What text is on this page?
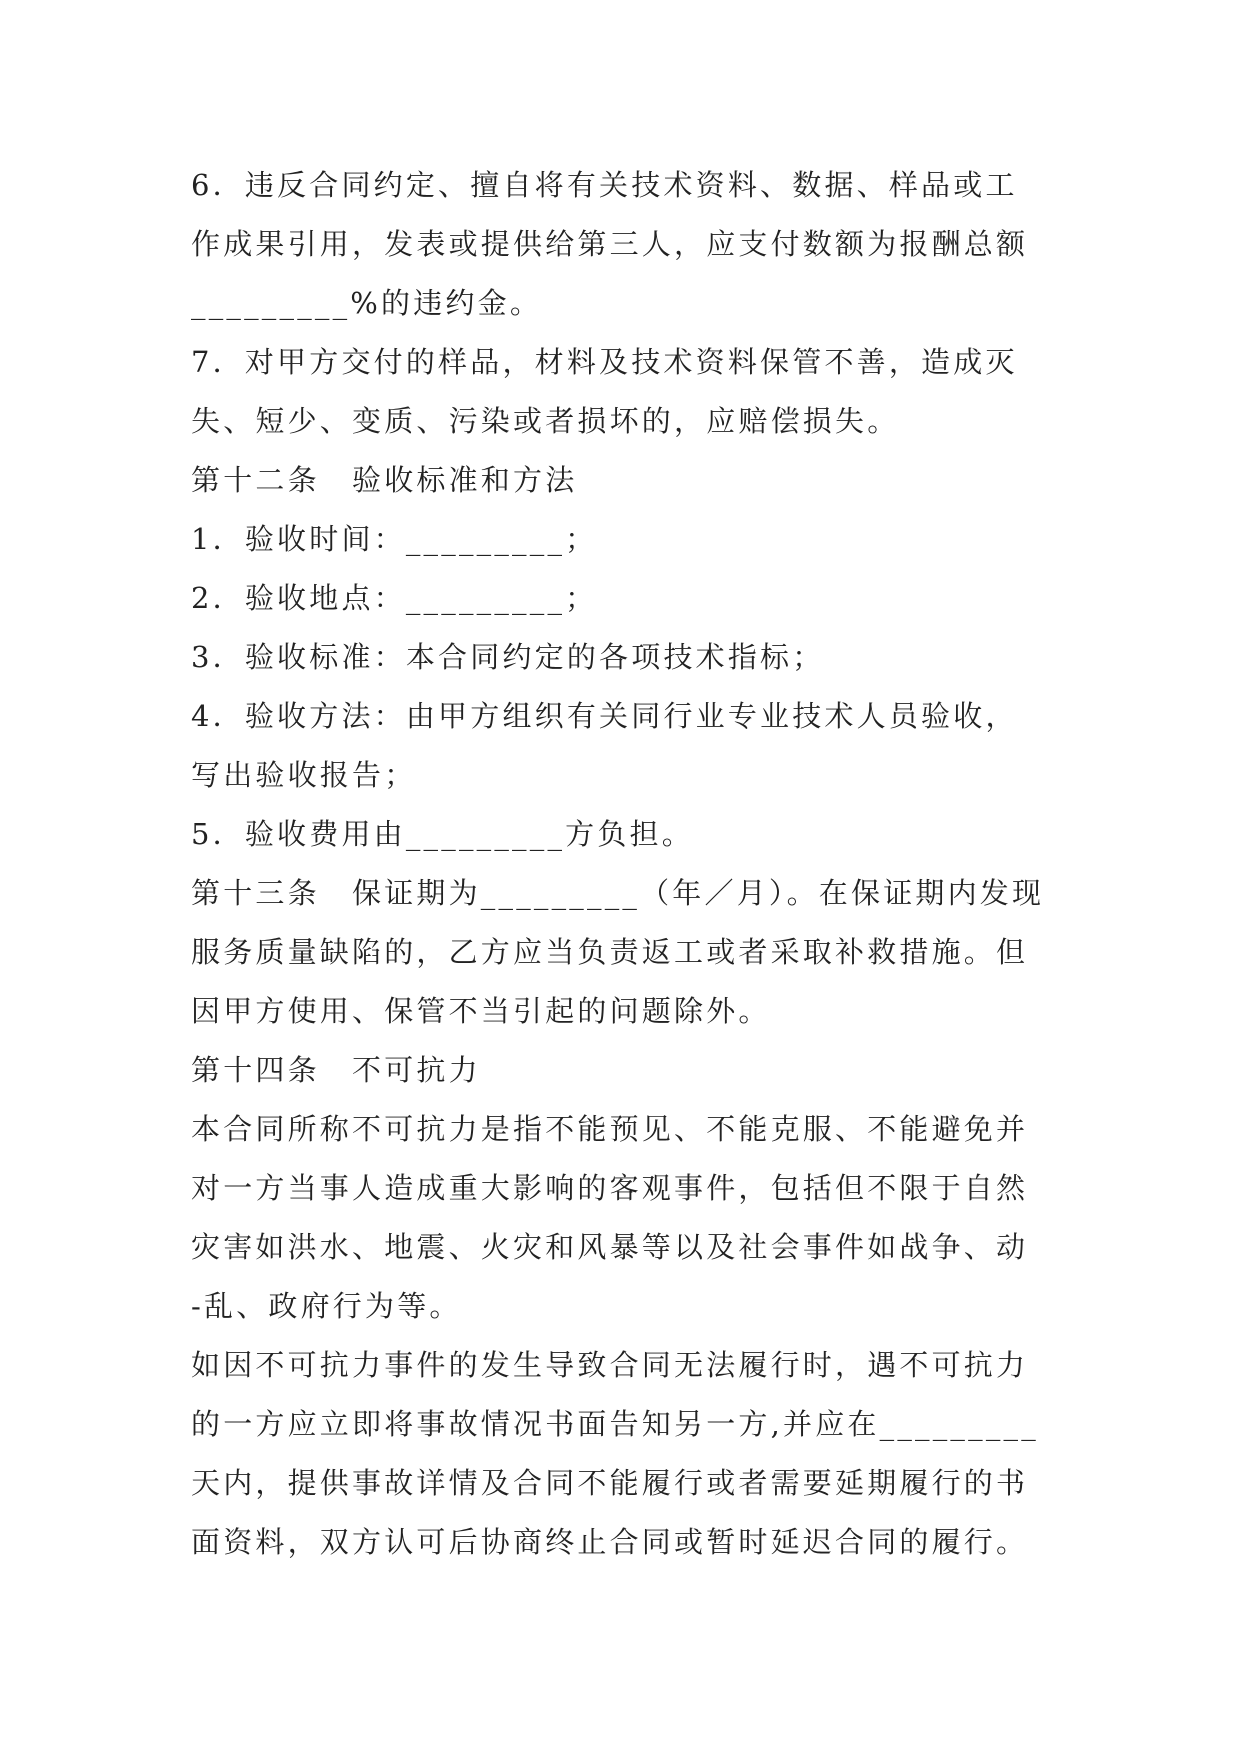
6．违反合同约定、擅自将有关技术资料、数据、样品或工
作成果引用，发表或提供给第三人，应支付数额为报酬总额
_________%的违约金。
7．对甲方交付的样品，材料及技术资料保管不善，造成灭
失、短少、变质、污染或者损坏的，应赔偿损失。
第十二条　验收标准和方法
1．验收时间：_________；
2．验收地点：_________；
3．验收标准：本合同约定的各项技术指标；
4．验收方法：由甲方组织有关同行业专业技术人员验收，
写出验收报告；
5．验收费用由_________方负担。
第十三条　保证期为_________（年／月）。在保证期内发现
服务质量缺陷的，乙方应当负责返工或者采取补救措施。但
因甲方使用、保管不当引起的问题除外。
第十四条　不可抗力
本合同所称不可抗力是指不能预见、不能克服、不能避免并
对一方当事人造成重大影响的客观事件，包括但不限于自然
灾害如洪水、地震、火灾和风暴等以及社会事件如战争、动
-乱、政府行为等。
如因不可抗力事件的发生导致合同无法履行时，遇不可抗力
的一方应立即将事故情况书面告知另一方,并应在_________
天内，提供事故详情及合同不能履行或者需要延期履行的书
面资料，双方认可后协商终止合同或暂时延迟合同的履行。
